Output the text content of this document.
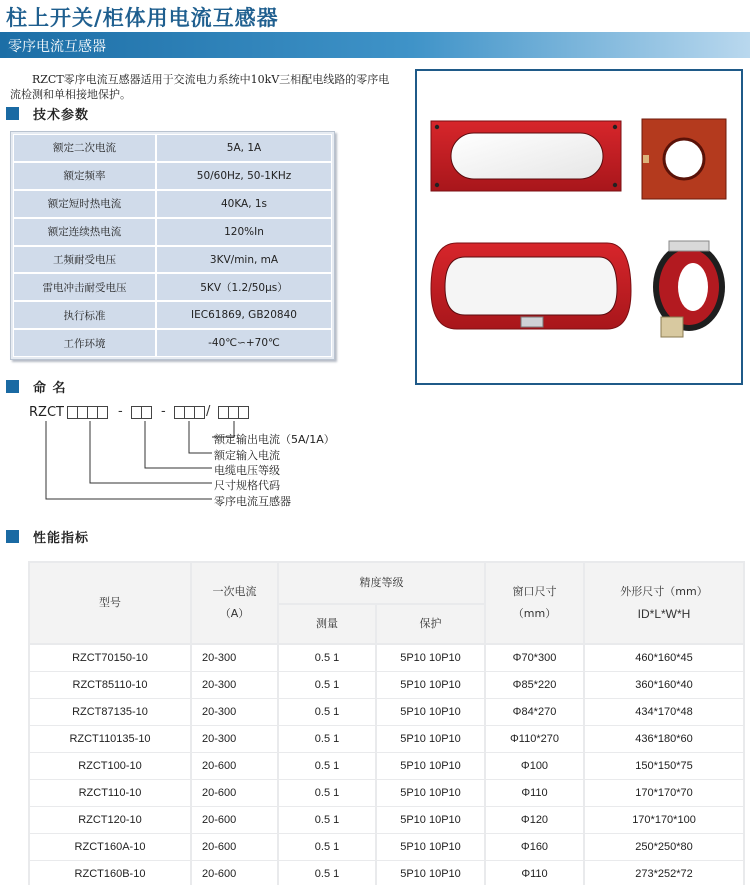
柱上开关/柜体用电流互感器
零序电流互感器

RZCT零序电流互感器适用于交流电力系统中10kV三相配电线路的零序电流检测和单相接地保护。

技术参数
额定二次电流	5A, 1A
额定频率	50/60Hz, 50-1KHz
额定短时热电流	40KA, 1s
额定连续热电流	120%In
工频耐受电压	3KV/min, mA
雷电冲击耐受电压	5KV（1.2/50μs）
执行标准	IEC61869, GB20840
工作环境	-40℃∽+70℃
命 名
RZCT	-	-	/
额定输出电流（5A/1A）
额定输入电流
电缆电压等级
尺寸规格代码
零序电流互感器
性能指标
型号
一次电流
（A）
精度等级
测量	保护
窗口尺寸
（mm）
外形尺寸（mm）
ID*L*W*H
RZCT70150-10	20-300	0.5 1	5P10 10P10	Φ70*300	460*160*45
RZCT85110-10	20-300	0.5 1	5P10 10P10	Φ85*220	360*160*40
RZCT87135-10	20-300	0.5 1	5P10 10P10	Φ84*270	434*170*48
RZCT110135-10	20-300	0.5 1	5P10 10P10	Φ110*270	436*180*60
RZCT100-10	20-600	0.5 1	5P10 10P10	Φ100	150*150*75
RZCT110-10	20-600	0.5 1	5P10 10P10	Φ110	170*170*70
RZCT120-10	20-600	0.5 1	5P10 10P10	Φ120	170*170*100
RZCT160A-10	20-600	0.5 1	5P10 10P10	Φ160	250*250*80
RZCT160B-10	20-600	0.5 1	5P10 10P10	Φ110	273*252*72
